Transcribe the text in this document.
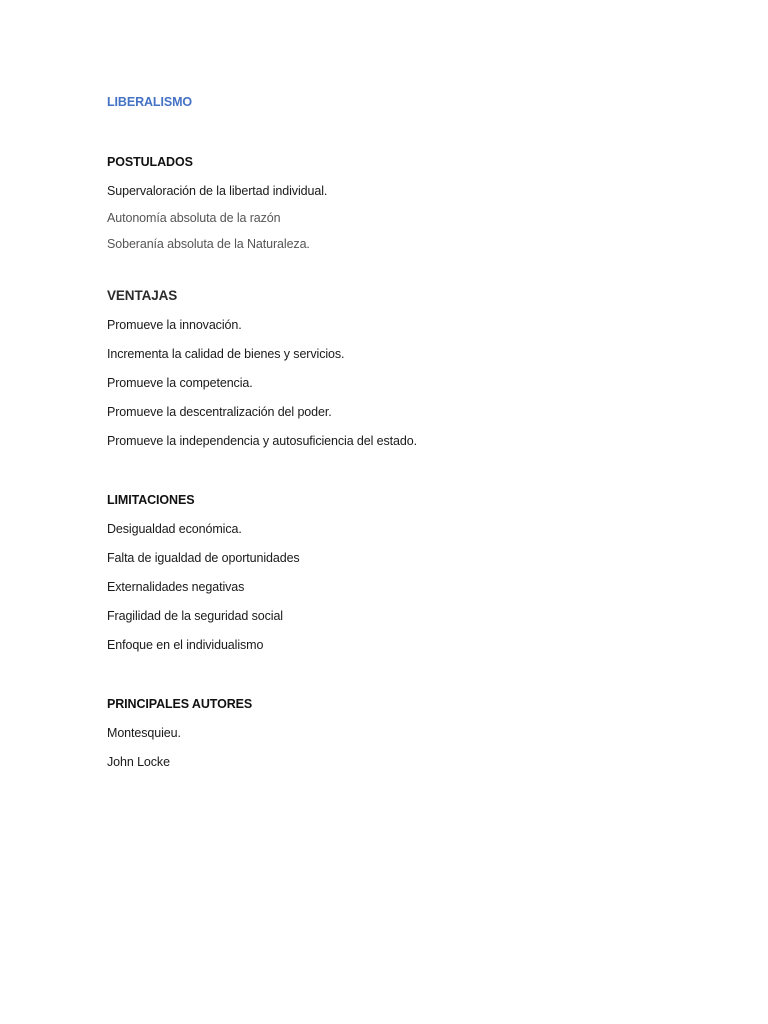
LIBERALISMO
POSTULADOS
Supervaloración de la libertad individual.
Autonomía absoluta de la razón
Soberanía absoluta de la Naturaleza.
VENTAJAS
Promueve la innovación.
Incrementa la calidad de bienes y servicios.
Promueve la competencia.
Promueve la descentralización del poder.
Promueve la independencia y autosuficiencia del estado.
LIMITACIONES
Desigualdad económica.
Falta de igualdad de oportunidades
Externalidades negativas
Fragilidad de la seguridad social
Enfoque en el individualismo
PRINCIPALES AUTORES
Montesquieu.
John Locke
